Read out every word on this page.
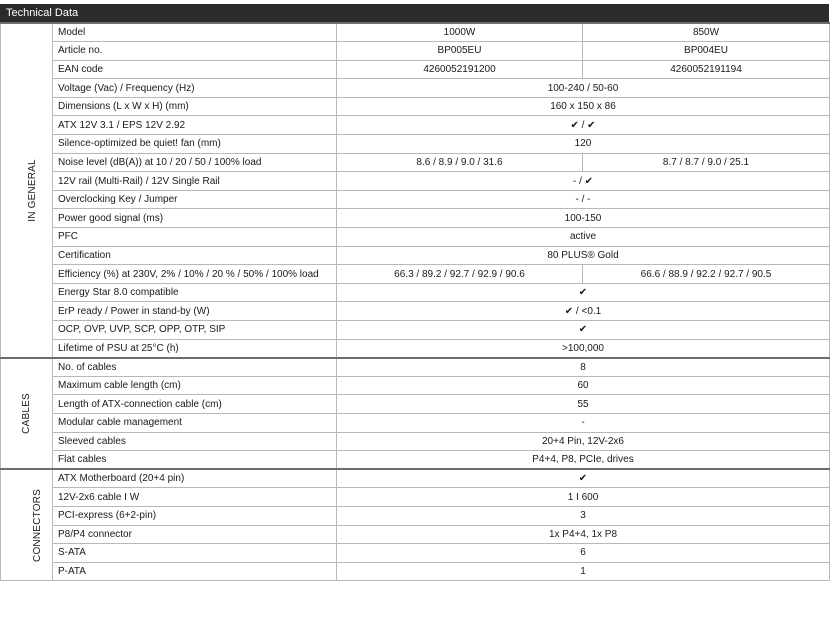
Technical Data
IN GENERAL	Model	1000W	850W
	Article no.	BP005EU	BP004EU
	EAN code	4260052191200	4260052191194
	Voltage (Vac) / Frequency (Hz)	100-240 / 50-60	
	Dimensions (L x W x H) (mm)	160 x 150 x 86	
	ATX 12V 3.1 / EPS 12V 2.92	✔ / ✔	
	Silence-optimized be quiet! fan (mm)	120	
	Noise level (dB(A)) at 10 / 20 / 50 / 100% load	8.6 / 8.9 / 9.0 / 31.6	8.7 / 8.7 / 9.0 / 25.1
	12V rail (Multi-Rail) / 12V Single Rail	- / ✔	
	Overclocking Key / Jumper	- / -	
	Power good signal (ms)	100-150	
	PFC	active	
	Certification	80 PLUS® Gold	
	Efficiency (%) at 230V, 2% / 10% / 20 % / 50% / 100% load	66.3 / 89.2 / 92.7 / 92.9 / 90.6	66.6 / 88.9 / 92.2 / 92.7 / 90.5
	Energy Star 8.0 compatible	✔	
	ErP ready / Power in stand-by (W)	✔ / <0.1	
	OCP, OVP, UVP, SCP, OPP, OTP, SIP	✔	
	Lifetime of PSU at 25°C (h)	>100,000	
CABLES	No. of cables	8	
	Maximum cable length (cm)	60	
	Length of ATX-connection cable (cm)	55	
	Modular cable management	-	
	Sleeved cables	20+4 Pin, 12V-2x6	
	Flat cables	P4+4, P8, PCIe, drives	
CONNECTORS	ATX Motherboard (20+4 pin)	✔	
	12V-2x6 cable I W	1 I 600	
	PCI-express (6+2-pin)	3	
	P8/P4 connector	1x P4+4, 1x P8	
	S-ATA	6	
	P-ATA	1	
